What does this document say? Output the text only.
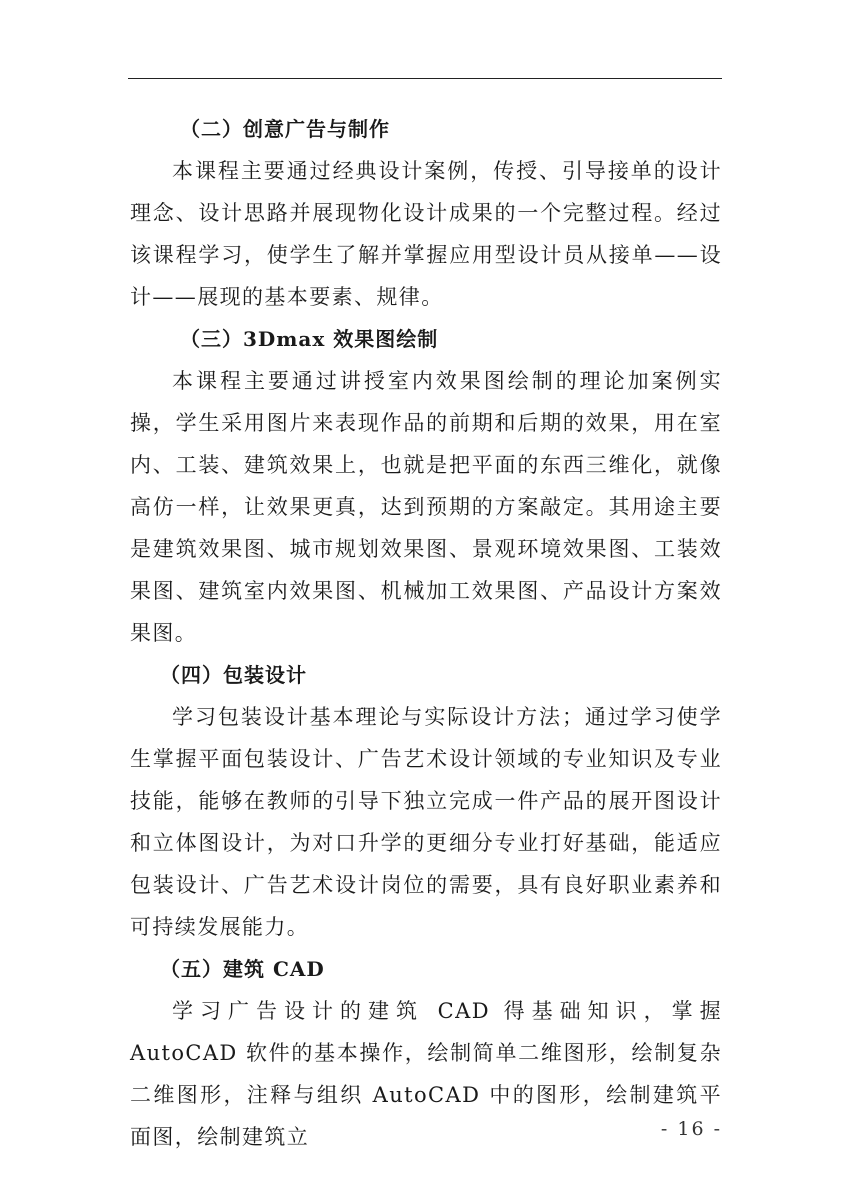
（二）创意广告与制作

本课程主要通过经典设计案例，传授、引导接单的设计理念、设计思路并展现物化设计成果的一个完整过程。经过该课程学习，使学生了解并掌握应用型设计员从接单——设计——展现的基本要素、规律。

（三）3Dmax 效果图绘制

本课程主要通过讲授室内效果图绘制的理论加案例实操，学生采用图片来表现作品的前期和后期的效果，用在室内、工装、建筑效果上，也就是把平面的东西三维化，就像高仿一样，让效果更真，达到预期的方案敲定。其用途主要是建筑效果图、城市规划效果图、景观环境效果图、工装效果图、建筑室内效果图、机械加工效果图、产品设计方案效果图。

（四）包装设计

学习包装设计基本理论与实际设计方法；通过学习使学生掌握平面包装设计、广告艺术设计领域的专业知识及专业技能，能够在教师的引导下独立完成一件产品的展开图设计和立体图设计，为对口升学的更细分专业打好基础，能适应包装设计、广告艺术设计岗位的需要，具有良好职业素养和可持续发展能力。

（五）建筑 CAD

学习广告设计的建筑 CAD 得基础知识，掌握 AutoCAD 软件的基本操作，绘制简单二维图形，绘制复杂二维图形，注释与组织 AutoCAD 中的图形，绘制建筑平面图，绘制建筑立	- 16 -
